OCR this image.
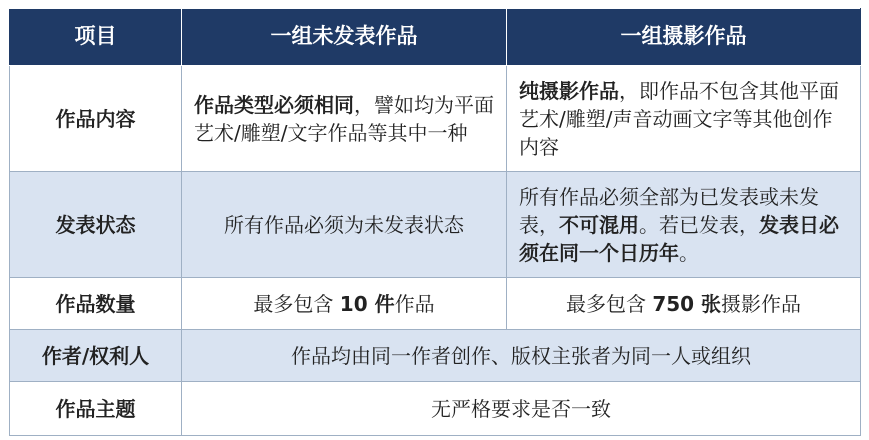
项目	一组未发表作品	一组摄影作品
作品内容	作品类型必须相同，譬如均为平面艺术/雕塑/文字作品等其中一种	纯摄影作品，即作品不包含其他平面艺术/雕塑/声音动画文字等其他创作内容
发表状态	所有作品必须为未发表状态	所有作品必须全部为已发表或未发表，不可混用。若已发表，发表日必须在同一个日历年。
作品数量	最多包含 10 件作品	最多包含 750 张摄影作品
作者/权利人	作品均由同一作者创作、版权主张者为同一人或组织	
作品主题	无严格要求是否一致	
